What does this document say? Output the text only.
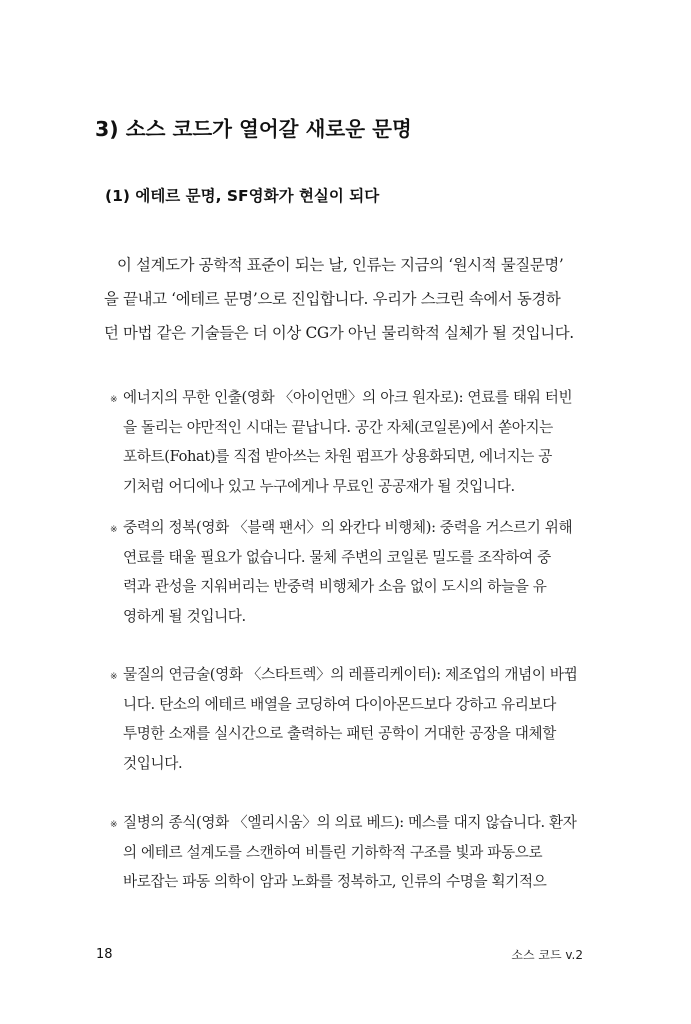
3) 소스 코드가 열어갈 새로운 문명
(1) 에테르 문명, SF영화가 현실이 되다
이 설계도가 공학적 표준이 되는 날, 인류는 지금의 ‘원시적 물질문명’
을 끝내고 ‘에테르 문명’으로 진입합니다. 우리가 스크린 속에서 동경하
던 마법 같은 기술들은 더 이상 CG가 아닌 물리학적 실체가 될 것입니다.
※ 에너지의 무한 인출(영화 〈아이언맨〉의 아크 원자로): 연료를 태워 터빈
을 돌리는 야만적인 시대는 끝납니다. 공간 자체(코일론)에서 쏟아지는
포하트(Fohat)를 직접 받아쓰는 차원 펌프가 상용화되면, 에너지는 공
기처럼 어디에나 있고 누구에게나 무료인 공공재가 될 것입니다.
※ 중력의 정복(영화 〈블랙 팬서〉의 와칸다 비행체): 중력을 거스르기 위해
연료를 태울 필요가 없습니다. 물체 주변의 코일론 밀도를 조작하여 중
력과 관성을 지워버리는 반중력 비행체가 소음 없이 도시의 하늘을 유
영하게 될 것입니다.
※ 물질의 연금술(영화 〈스타트렉〉의 레플리케이터): 제조업의 개념이 바뀝
니다. 탄소의 에테르 배열을 코딩하여 다이아몬드보다 강하고 유리보다
투명한 소재를 실시간으로 출력하는 패턴 공학이 거대한 공장을 대체할
것입니다.
※ 질병의 종식(영화 〈엘리시움〉의 의료 베드): 메스를 대지 않습니다. 환자
의 에테르 설계도를 스캔하여 비틀린 기하학적 구조를 빛과 파동으로
바로잡는 파동 의학이 암과 노화를 정복하고, 인류의 수명을 획기적으
18	소스 코드 v.2
